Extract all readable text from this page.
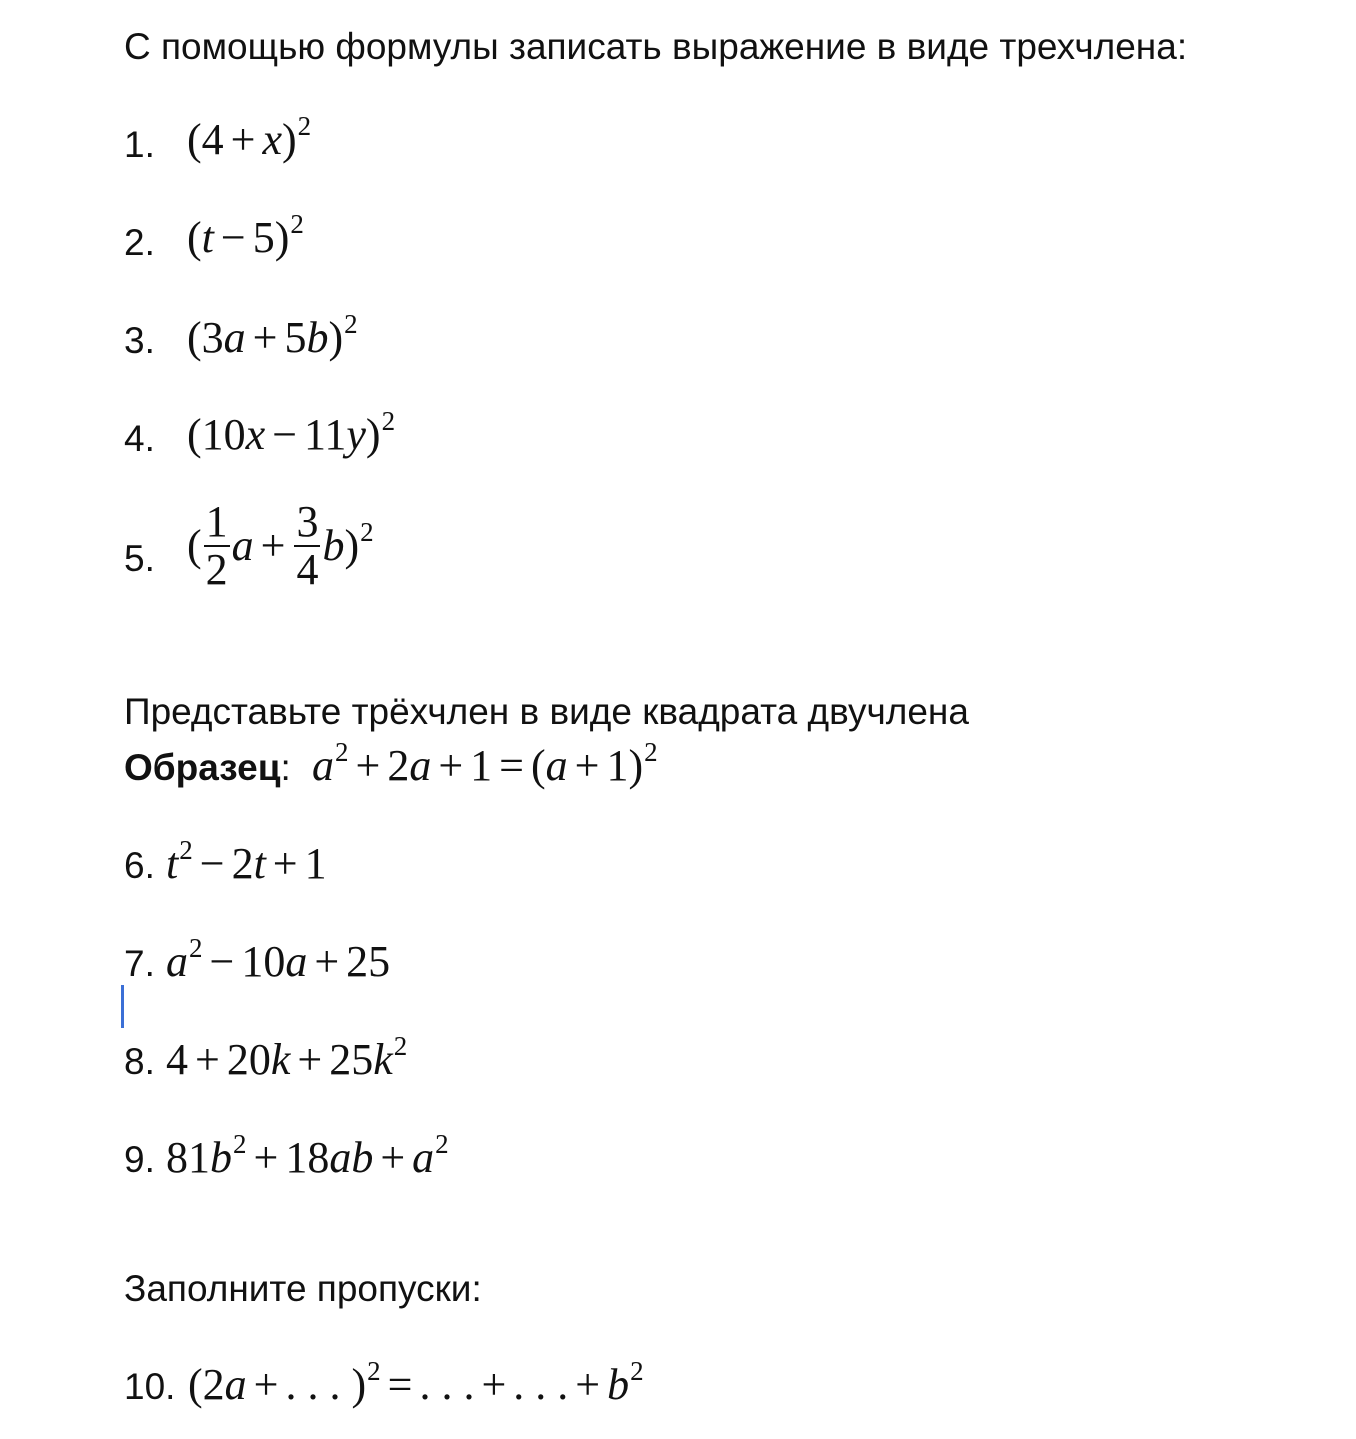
С помощью формулы записать выражение в виде трехчлена:
1. $(4 + x)^2$
2. $(t - 5)^2$
3. $(3a + 5b)^2$
4. $(10x - 11y)^2$
5. ( $\frac{1}{2}$ $a + \frac{3}{4} b)^2$
Представьте трёхчлен в виде квадрата двучлена
Образец: $a^2 + 2a + 1 = (a + 1)^2$
6. $t^2 - 2t + 1$
7. $a^2 - 10a + 25$
8. $4 + 20k + 25k^2$
9. $81b^2 + 18ab + a^2$
Заполните пропуски:
10. (2a + . . . )$^2$ = . . . + . . . + $b^2$
